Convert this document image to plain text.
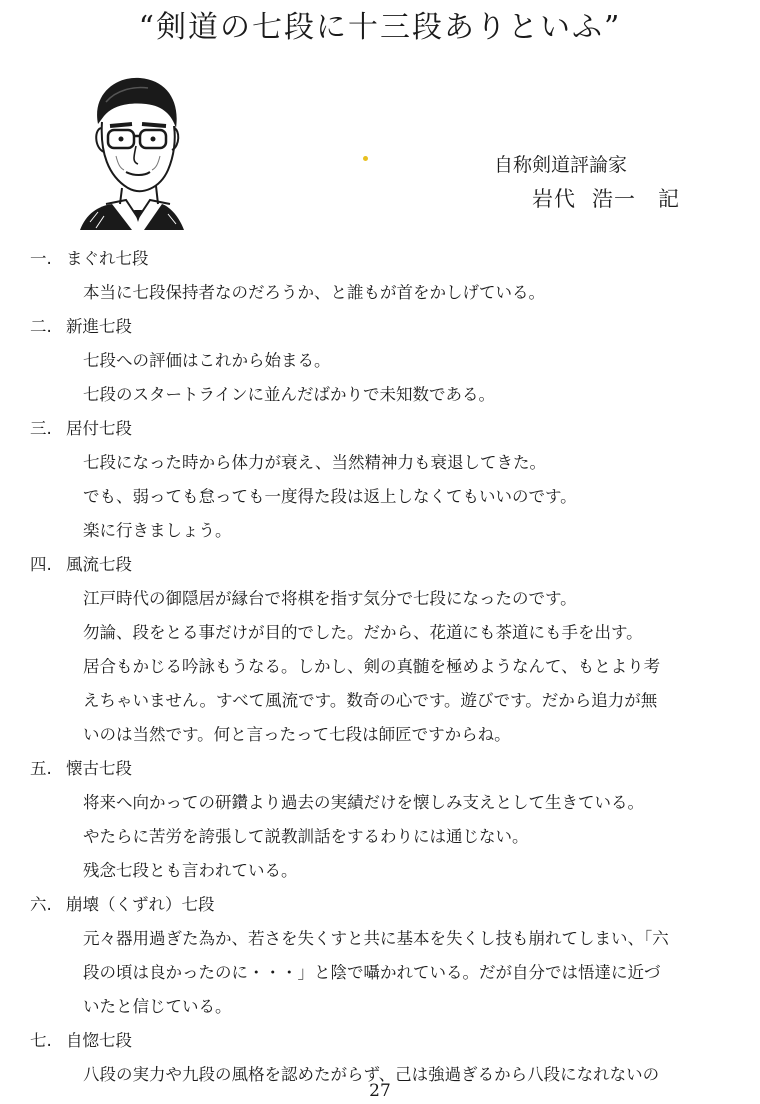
“剣道の七段に十三段ありといふ”
自称剣道評論家
岩代 浩一 記
一. まぐれ七段

本当に七段保持者なのだろうか、と誰もが首をかしげている。

二. 新進七段

七段への評価はこれから始まる。

七段のスタートラインに並んだばかりで未知数である。

三. 居付七段

七段になった時から体力が衰え、当然精神力も衰退してきた。

でも、弱っても怠っても一度得た段は返上しなくてもいいのです。

楽に行きましょう。

四. 風流七段

江戸時代の御隠居が縁台で将棋を指す気分で七段になったのです。

勿論、段をとる事だけが目的でした。だから、花道にも茶道にも手を出す。

居合もかじる吟詠もうなる。しかし、剣の真髄を極めようなんて、もとより考

えちゃいません。すべて風流です。数奇の心です。遊びです。だから追力が無

いのは当然です。何と言ったって七段は師匠ですからね。

五. 懐古七段

将来へ向かっての研鑽より過去の実績だけを懐しみ支えとして生きている。

やたらに苦労を誇張して説教訓話をするわりには通じない。

残念七段とも言われている。

六. 崩壊（くずれ）七段

元々器用過ぎた為か、若さを失くすと共に基本を失くし技も崩れてしまい、「六

段の頃は良かったのに・・・」と陰で囁かれている。だが自分では悟達に近づ

いたと信じている。

七. 自惚七段

八段の実力や九段の風格を認めたがらず、己は強過ぎるから八段になれないの

27
